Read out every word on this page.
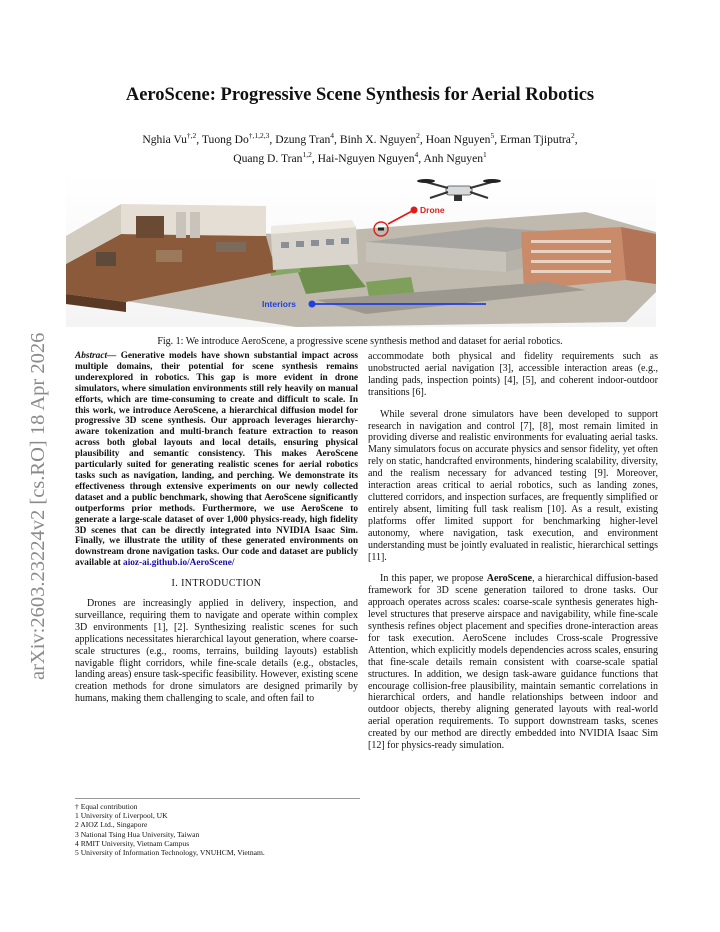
arXiv:2603.23224v2 [cs.RO] 18 Apr 2026
AeroScene: Progressive Scene Synthesis for Aerial Robotics
Nghia $Vu^{\dagger,2}$, Tuong $Do^{\dagger,1,2,3}$, Dzung Tran$^4$, Binh X. Nguyen$^2$, Hoan Nguyen$^5$, Erman Tjiputra$^2$,
Quang D. Tran$^{1,2}$, Hai-Nguyen Nguyen$^4$, Anh Nguyen$^1$
Drone
Interiors
Fig. 1: We introduce AeroScene, a progressive scene synthesis method and dataset for aerial robotics.
Abstract— Generative models have shown substantial impact across multiple domains, their potential for scene synthesis remains underexplored in robotics. This gap is more evident in drone simulators, where simulation environments still rely heavily on manual efforts, which are time-consuming to create and difficult to scale. In this work, we introduce AeroScene, a hierarchical diffusion model for progressive 3D scene synthesis. Our approach leverages hierarchy-aware tokenization and multi-branch feature extraction to reason across both global layouts and local details, ensuring physical plausibility and semantic consistency. This makes AeroScene particularly suited for generating realistic scenes for aerial robotics tasks such as navigation, landing, and perching. We demonstrate its effectiveness through extensive experiments on our newly collected dataset and a public benchmark, showing that AeroScene significantly outperforms prior methods. Furthermore, we use AeroScene to generate a large-scale dataset of over 1,000 physics-ready, high fidelity 3D scenes that can be directly integrated into NVIDIA Isaac Sim. Finally, we illustrate the utility of these generated environments on downstream drone navigation tasks. Our code and dataset are publicly available at aioz-ai.github.io/AeroScene/
I. INTRODUCTION

Drones are increasingly applied in delivery, inspection, and surveillance, requiring them to navigate and operate within complex 3D environments [1], [2]. Synthesizing realistic scenes for such applications necessitates hierarchical layout generation, where coarse-scale structures (e.g., rooms, terrains, building layouts) establish navigable flight corridors, while fine-scale details (e.g., obstacles, landing areas) ensure task-specific feasibility. However, existing scene creation methods for drone simulators are designed primarily by humans, making them challenging to scale, and often fail to

accommodate both physical and fidelity requirements such as unobstructed aerial navigation [3], accessible interaction areas (e.g., landing pads, inspection points) [4], [5], and coherent indoor-outdoor transitions [6].

While several drone simulators have been developed to support research in navigation and control [7], [8], most remain limited in providing diverse and realistic environments for evaluating aerial tasks. Many simulators focus on accurate physics and sensor fidelity, yet often rely on static, handcrafted environments, hindering scalability, diversity, and the realism necessary for advanced testing [9]. Moreover, interaction areas critical to aerial robotics, such as landing zones, cluttered corridors, and inspection surfaces, are frequently simplified or entirely absent, limiting full task realism [10]. As a result, existing platforms offer limited support for benchmarking higher-level autonomy, where navigation, task execution, and environment understanding must be jointly evaluated in realistic, hierarchical settings [11].

In this paper, we propose AeroScene, a hierarchical diffusion-based framework for 3D scene generation tailored to drone tasks. Our approach operates across scales: coarse-scale synthesis generates high-level structures that preserve airspace and navigability, while fine-scale synthesis refines object placement and specifies drone-interaction areas for task execution. AeroScene includes Cross-scale Progressive Attention, which explicitly models dependencies across scales, ensuring that fine-scale details remain consistent with coarse-scale spatial structures. In addition, we design task-aware guidance functions that encourage collision-free plausibility, maintain semantic correlations in hierarchical orders, and handle relationships between indoor and outdoor objects, thereby aligning generated layouts with real-world aerial operation requirements. To support downstream tasks, scenes created by our method are directly embedded into NVIDIA Isaac Sim [12] for physics-ready simulation.

† Equal contribution
1 University of Liverpool, UK
2 AIOZ Ltd., Singapore
3 National Tsing Hua University, Taiwan
4 RMIT University, Vietnam Campus
5 University of Information Technology, VNUHCM, Vietnam.
